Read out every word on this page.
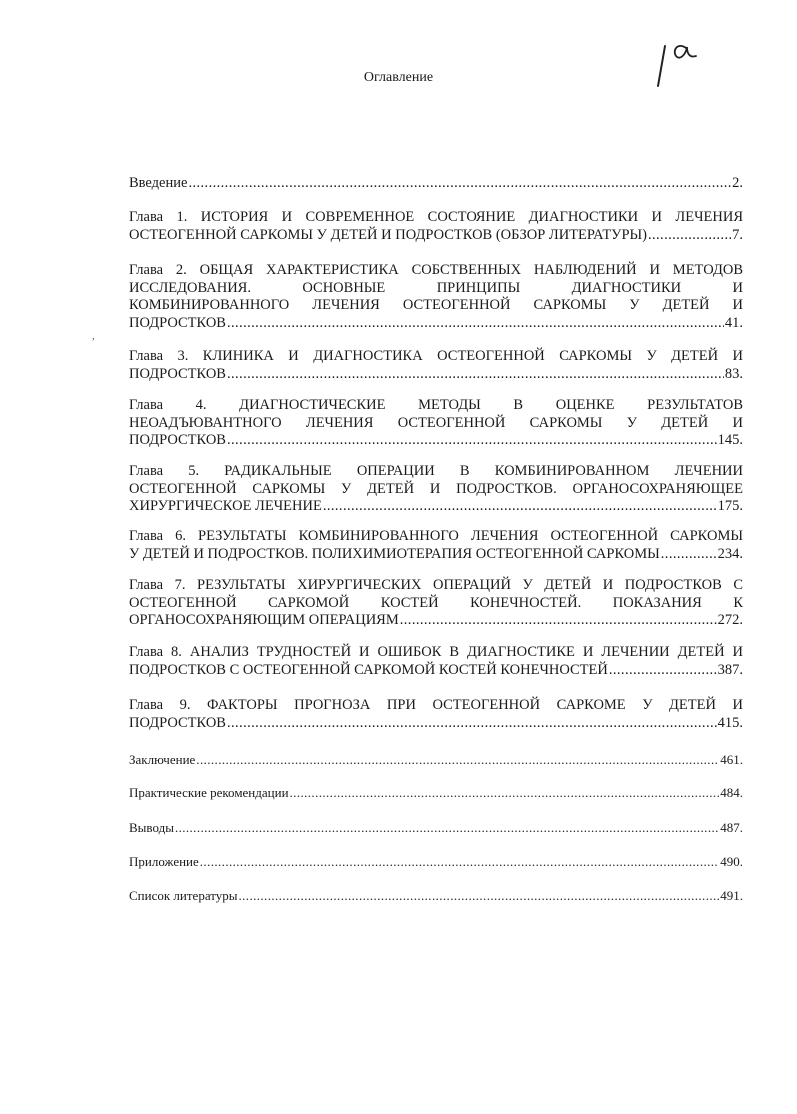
Оглавление
,
Введение .....	2.
Глава 1. ИСТОРИЯ И СОВРЕМЕННОЕ СОСТОЯНИЕ ДИАГНОСТИКИ И ЛЕЧЕНИЯ
ОСТЕОГЕННОЙ САРКОМЫ У ДЕТЕЙ И ПОДРОСТКОВ (ОБЗОР ЛИТЕРАТУРЫ) .....	7.
Глава 2. ОБЩАЯ ХАРАКТЕРИСТИКА СОБСТВЕННЫХ НАБЛЮДЕНИЙ И МЕТОДОВ
ИССЛЕДОВАНИЯ. ОСНОВНЫЕ ПРИНЦИПЫ ДИАГНОСТИКИ И
КОМБИНИРОВАННОГО ЛЕЧЕНИЯ ОСТЕОГЕННОЙ САРКОМЫ У ДЕТЕЙ И
ПОДРОСТКОВ .....	41.
Глава 3. КЛИНИКА И ДИАГНОСТИКА ОСТЕОГЕННОЙ САРКОМЫ У ДЕТЕЙ И
ПОДРОСТКОВ .....	83.
Глава 4. ДИАГНОСТИЧЕСКИЕ МЕТОДЫ В ОЦЕНКЕ РЕЗУЛЬТАТОВ
НЕОАДЪЮВАНТНОГО ЛЕЧЕНИЯ ОСТЕОГЕННОЙ САРКОМЫ У ДЕТЕЙ И
ПОДРОСТКОВ .....	145.
Глава 5. РАДИКАЛЬНЫЕ ОПЕРАЦИИ В КОМБИНИРОВАННОМ ЛЕЧЕНИИ
ОСТЕОГЕННОЙ САРКОМЫ У ДЕТЕЙ И ПОДРОСТКОВ. ОРГАНОСОХРАНЯЮЩЕЕ
ХИРУРГИЧЕСКОЕ ЛЕЧЕНИЕ .....	175.
Глава 6. РЕЗУЛЬТАТЫ КОМБИНИРОВАННОГО ЛЕЧЕНИЯ ОСТЕОГЕННОЙ САРКОМЫ
У ДЕТЕЙ И ПОДРОСТКОВ. ПОЛИХИМИОТЕРАПИЯ ОСТЕОГЕННОЙ САРКОМЫ .....	234.
Глава 7. РЕЗУЛЬТАТЫ ХИРУРГИЧЕСКИХ ОПЕРАЦИЙ У ДЕТЕЙ И ПОДРОСТКОВ С
ОСТЕОГЕННОЙ САРКОМОЙ КОСТЕЙ КОНЕЧНОСТЕЙ. ПОКАЗАНИЯ К
ОРГАНОСОХРАНЯЮЩИМ ОПЕРАЦИЯМ .....	272.
Глава 8. АНАЛИЗ ТРУДНОСТЕЙ И ОШИБОК В ДИАГНОСТИКЕ И ЛЕЧЕНИИ ДЕТЕЙ И
ПОДРОСТКОВ С ОСТЕОГЕННОЙ САРКОМОЙ КОСТЕЙ КОНЕЧНОСТЕЙ .....	387.
Глава 9. ФАКТОРЫ ПРОГНОЗА ПРИ ОСТЕОГЕННОЙ САРКОМЕ У ДЕТЕЙ И
ПОДРОСТКОВ .....	415.
Заключение .....	461.
Практические рекомендации .....	484.
Выводы .....	487.
Приложение .....	490.
Список литературы .....	491.
